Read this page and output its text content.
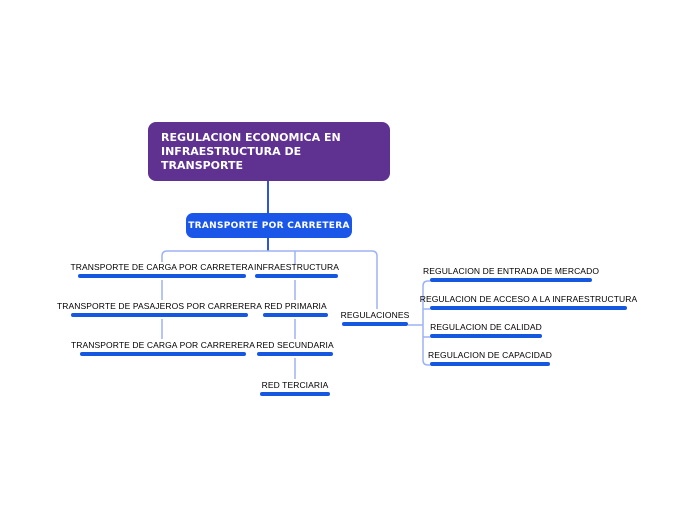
REGULACION ECONOMICA EN INFRAESTRUCTURA DE TRANSPORTE
TRANSPORTE POR CARRETERA
TRANSPORTE DE CARGA POR CARRETERA
TRANSPORTE DE PASAJEROS POR CARRERERA
TRANSPORTE DE CARGA POR CARRERERA
INFRAESTRUCTURA
RED PRIMARIA
RED SECUNDARIA
RED TERCIARIA
REGULACIONES
REGULACION DE ENTRADA DE MERCADO
REGULACION DE ACCESO A LA INFRAESTRUCTURA
REGULACION DE CALIDAD
REGULACION DE CAPACIDAD
